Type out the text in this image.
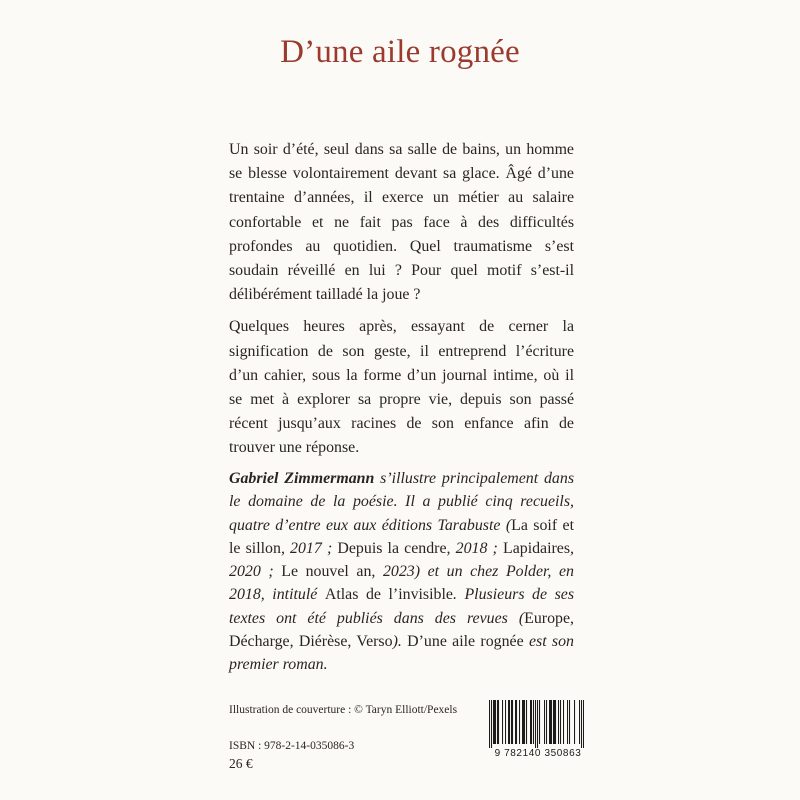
D’une aile rognée

Un soir d’été, seul dans sa salle de bains, un homme se blesse volontairement devant sa glace. Âgé d’une trentaine d’années, il exerce un métier au salaire confortable et ne fait pas face à des difficultés profondes au quotidien. Quel traumatisme s’est soudain réveillé en lui ? Pour quel motif s’est-il délibérément tailladé la joue ?

Quelques heures après, essayant de cerner la signification de son geste, il entreprend l’écriture d’un cahier, sous la forme d’un journal intime, où il se met à explorer sa propre vie, depuis son passé récent jusqu’aux racines de son enfance afin de trouver une réponse.

Gabriel Zimmermann s’illustre principalement dans le domaine de la poésie. Il a publié cinq recueils, quatre d’entre eux aux éditions Tarabuste (La soif et le sillon, 2017 ; Depuis la cendre, 2018 ; Lapidaires, 2020 ; Le nouvel an, 2023) et un chez Polder, en 2018, intitulé Atlas de l’invisible. Plusieurs de ses textes ont été publiés dans des revues (Europe, Décharge, Diérèse, Verso). D’une aile rognée est son premier roman.
Illustration de couverture : © Taryn Elliott/Pexels
ISBN : 978-2-14-035086-3
26 €
9 782140 350863
